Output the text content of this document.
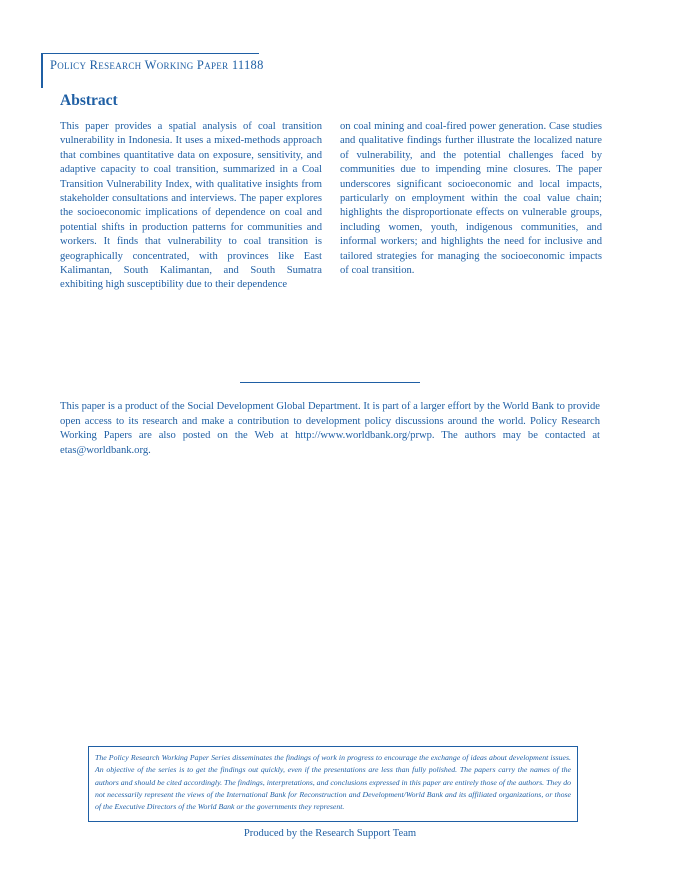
Policy Research Working Paper 11188
Abstract

This paper provides a spatial analysis of coal transition vulnerability in Indonesia. It uses a mixed-methods approach that combines quantitative data on exposure, sensitivity, and adaptive capacity to coal transition, summarized in a Coal Transition Vulnerability Index, with qualitative insights from stakeholder consultations and interviews. The paper explores the socioeconomic implications of dependence on coal and potential shifts in production patterns for communities and workers. It finds that vulnerability to coal transition is geographically concentrated, with provinces like East Kalimantan, South Kalimantan, and South Sumatra exhibiting high susceptibility due to their dependence

on coal mining and coal-fired power generation. Case studies and qualitative findings further illustrate the localized nature of vulnerability, and the potential challenges faced by communities due to impending mine closures. The paper underscores significant socioeconomic and local impacts, particularly on employment within the coal value chain; highlights the disproportionate effects on vulnerable groups, including women, youth, indigenous communities, and informal workers; and highlights the need for inclusive and tailored strategies for managing the socioeconomic impacts of coal transition.

This paper is a product of the Social Development Global Department. It is part of a larger effort by the World Bank to provide open access to its research and make a contribution to development policy discussions around the world. Policy Research Working Papers are also posted on the Web at http://www.worldbank.org/prwp. The authors may be contacted at etas@worldbank.org.

The Policy Research Working Paper Series disseminates the findings of work in progress to encourage the exchange of ideas about development issues. An objective of the series is to get the findings out quickly, even if the presentations are less than fully polished. The papers carry the names of the authors and should be cited accordingly. The findings, interpretations, and conclusions expressed in this paper are entirely those of the authors. They do not necessarily represent the views of the International Bank for Reconstruction and Development/World Bank and its affiliated organizations, or those of the Executive Directors of the World Bank or the governments they represent.
Produced by the Research Support Team
